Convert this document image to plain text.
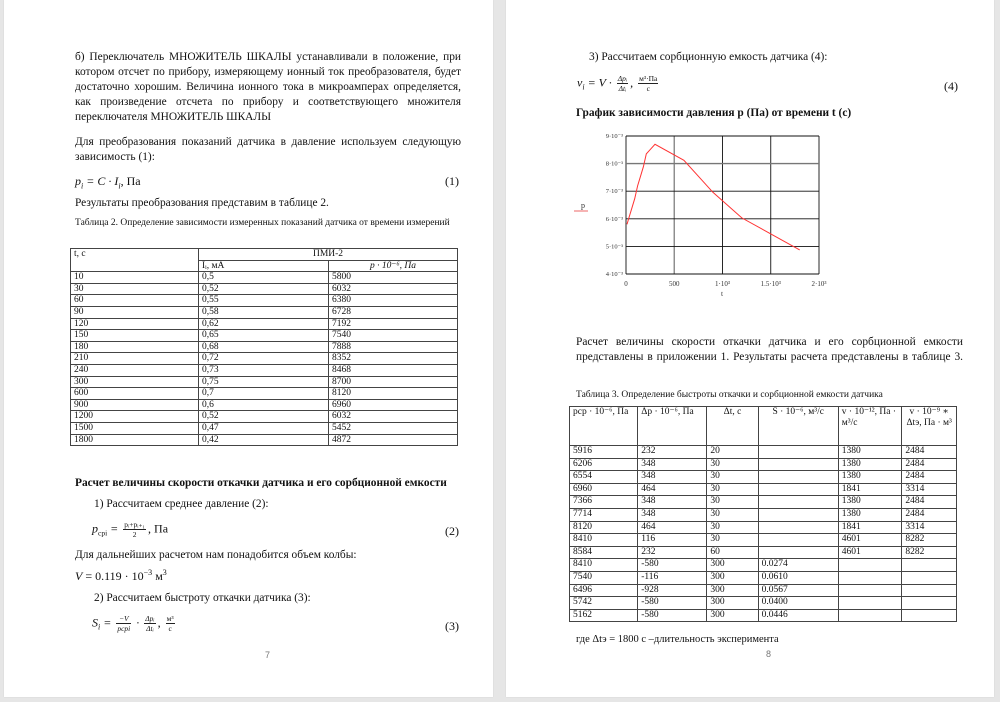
б) Переключатель МНОЖИТЕЛЬ ШКАЛЫ устанавливали в положение, при котором отсчет по прибору, измеряющему ионный ток преобразователя, будет достаточно хорошим. Величина ионного тока в микроамперах определяется, как произведение отсчета по прибору и соответствующего множителя переключателя МНОЖИТЕЛЬ ШКАЛЫ
Для преобразования показаний датчика в давление используем следующую зависимость (1):
$p_i = C \cdot I_i$, Па	(1)
Результаты преобразования представим в таблице 2.
Таблица 2. Определение зависимости измеренных показаний датчика от времени измерений
t, c	ПМИ-2	
	Iᵢ, мА	p · 10⁻⁶, Па
10	0,5	5800
30	0,52	6032
60	0,55	6380
90	0,58	6728
120	0,62	7192
150	0,65	7540
180	0,68	7888
210	0,72	8352
240	0,73	8468
300	0,75	8700
600	0,7	8120
900	0,6	6960
1200	0,52	6032
1500	0,47	5452
1800	0,42	4872
Расчет величины скорости откачки датчика и его сорбционной емкости
1) Рассчитаем среднее давление (2):
$p_{срi} = \frac{\text{pᵢ+pᵢ₊₁}}{2}$ , Па	(2)
Для дальнейших расчетом нам понадобится объем колбы:
$V = 0.119 \cdot 10^{-3}$ $м^3$
2) Рассчитаем быстроту откачки датчика (3):
$S_i = \frac{-V}{\text{pсрi}} \cdot \frac{\text{Δpᵢ}}{\text{Δtᵢ}}$ , $\frac{\text{м³}}{с}$	(3)
7
3) Рассчитаем сорбционную емкость датчика (4):
$v_i = V \cdot \frac{\text{Δpᵢ}}{\text{Δtᵢ}}$ , $\frac{\text{м³·Па}}{с}$	(4)
График зависимости давления p (Па) от времени t (c)
4·10⁻³
5·10⁻³
6·10⁻³
7·10⁻³
8·10⁻³
9·10⁻³
0	500	1·10³	1.5·10³	2·10³
p
t
Расчет величины скорости откачки датчика и его сорбционной емкости представлены в приложении 1. Результаты расчета представлены в таблице 3.
Таблица 3. Определение быстроты откачки и сорбционной емкости датчика
pср · 10⁻⁶, Па	Δp · 10⁻⁶, Па	Δt, c	S · 10⁻⁶, м³/с	v · 10⁻¹², Па · м³/с	v · 10⁻⁹ ∗ Δtэ, Па · м³
5916	232	20		1380	2484
6206	348	30		1380	2484
6554	348	30		1380	2484
6960	464	30		1841	3314
7366	348	30		1380	2484
7714	348	30		1380	2484
8120	464	30		1841	3314
8410	116	30		4601	8282
8584	232	60		4601	8282
8410	-580	300	0.0274		
7540	-116	300	0.0610		
6496	-928	300	0.0567		
5742	-580	300	0.0400		
5162	-580	300	0.0446		
где Δtэ = 1800 с –длительность эксперимента
8
